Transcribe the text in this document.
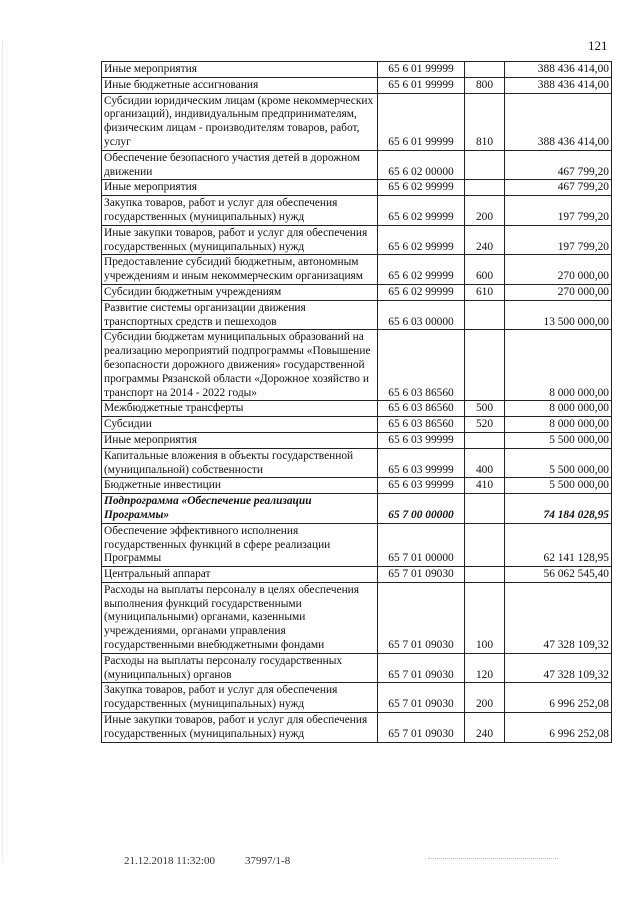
121
Иные мероприятия	65 6 01 99999		388 436 414,00
Иные бюджетные ассигнования	65 6 01 99999	800	388 436 414,00
Субсидии юридическим лицам (кроме некоммерческих организаций), индивидуальным предпринимателям, физическим лицам - производителям товаров, работ, услуг	65 6 01 99999	810	388 436 414,00
Обеспечение безопасного участия детей в дорожном движении	65 6 02 00000		467 799,20
Иные мероприятия	65 6 02 99999		467 799,20
Закупка товаров, работ и услуг для обеспечения государственных (муниципальных) нужд	65 6 02 99999	200	197 799,20
Иные закупки товаров, работ и услуг для обеспечения государственных (муниципальных) нужд	65 6 02 99999	240	197 799,20
Предоставление субсидий бюджетным, автономным учреждениям и иным некоммерческим организациям	65 6 02 99999	600	270 000,00
Субсидии бюджетным учреждениям	65 6 02 99999	610	270 000,00
Развитие системы организации движения транспортных средств и пешеходов	65 6 03 00000		13 500 000,00
Субсидии бюджетам муниципальных образований на реализацию мероприятий подпрограммы «Повышение безопасности дорожного движения» государственной программы Рязанской области «Дорожное хозяйство и транспорт на 2014 - 2022 годы»	65 6 03 86560		8 000 000,00
Межбюджетные трансферты	65 6 03 86560	500	8 000 000,00
Субсидии	65 6 03 86560	520	8 000 000,00
Иные мероприятия	65 6 03 99999		5 500 000,00
Капитальные вложения в объекты государственной (муниципальной) собственности	65 6 03 99999	400	5 500 000,00
Бюджетные инвестиции	65 6 03 99999	410	5 500 000,00
Подпрограмма «Обеспечение реализации Программы»	65 7 00 00000		74 184 028,95
Обеспечение эффективного исполнения государственных функций в сфере реализации Программы	65 7 01 00000		62 141 128,95
Центральный аппарат	65 7 01 09030		56 062 545,40
Расходы на выплаты персоналу в целях обеспечения выполнения функций государственными (муниципальными) органами, казенными учреждениями, органами управления государственными внебюджетными фондами	65 7 01 09030	100	47 328 109,32
Расходы на выплаты персоналу государственных (муниципальных) органов	65 7 01 09030	120	47 328 109,32
Закупка товаров, работ и услуг для обеспечения государственных (муниципальных) нужд	65 7 01 09030	200	6 996 252,08
Иные закупки товаров, работ и услуг для обеспечения государственных (муниципальных) нужд	65 7 01 09030	240	6 996 252,08
21.12.2018 11:32:00	37997/1-8
